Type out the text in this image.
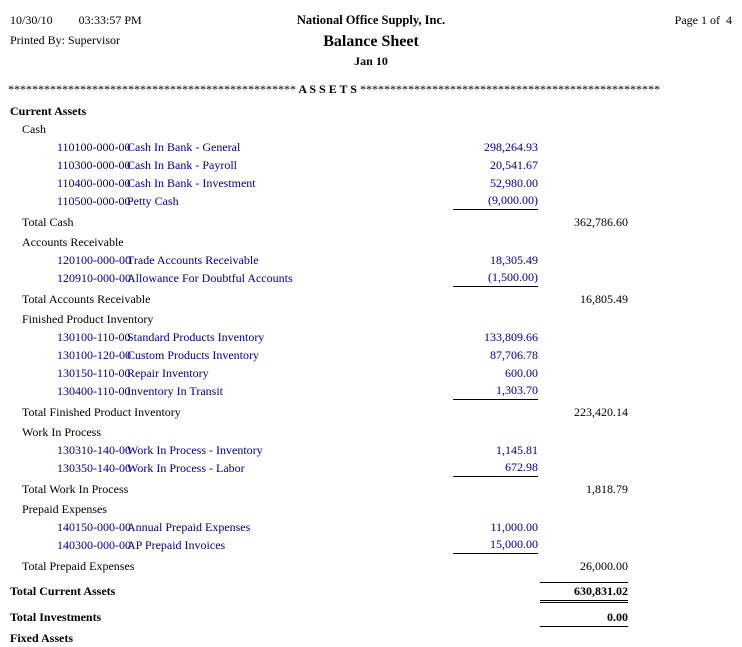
10/30/10 03:33:57 PM
Printed By: Supervisor
National Office Supply, Inc.
Balance Sheet
Jan 10
Page 1 of  4
************************************************ A S S E T S **************************************************
Current Assets
Cash
110100-000-00
Cash In Bank - General	298,264.93
110300-000-00
Cash In Bank - Payroll	20,541.67
110400-000-00
Cash In Bank - Investment	52,980.00
110500-000-00
Petty Cash	(9,000.00)
Total Cash	362,786.60
Accounts Receivable
120100-000-00
Trade Accounts Receivable	18,305.49
120910-000-00
Allowance For Doubtful Accounts	(1,500.00)
Total Accounts Receivable	16,805.49
Finished Product Inventory
130100-110-00
Standard Products Inventory	133,809.66
130100-120-00
Custom Products Inventory	87,706.78
130150-110-00
Repair Inventory	600.00
130400-110-00
Inventory In Transit	1,303.70
Total Finished Product Inventory	223,420.14
Work In Process
130310-140-00
Work In Process - Inventory	1,145.81
130350-140-00
Work In Process - Labor	672.98
Total Work In Process	1,818.79
Prepaid Expenses
140150-000-00
Annual Prepaid Expenses	11,000.00
140300-000-00
AP Prepaid Invoices	15,000.00
Total Prepaid Expenses	26,000.00
Total Current Assets	630,831.02
Total Investments	0.00
Fixed Assets
